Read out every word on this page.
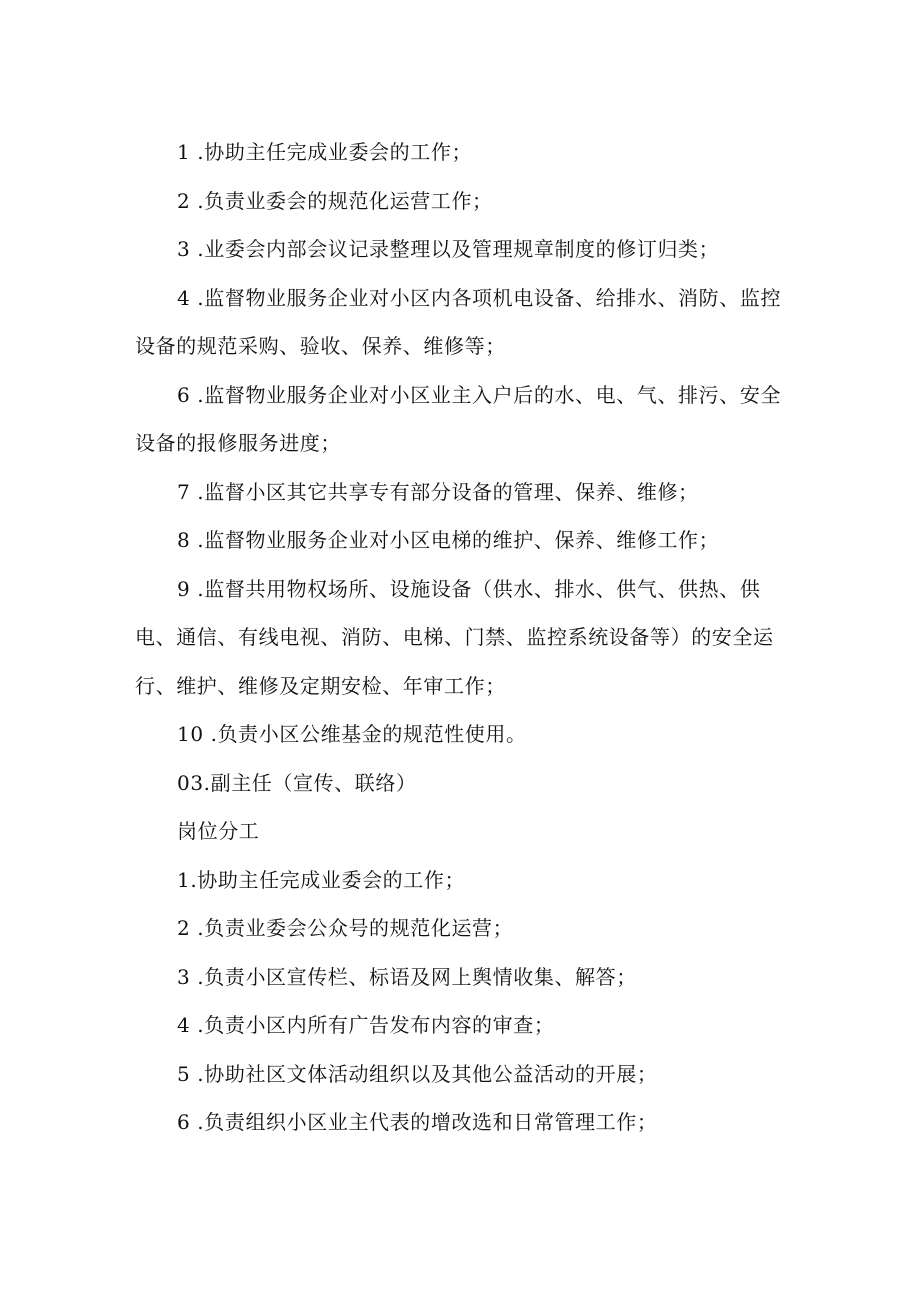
1 .协助主任完成业委会的工作；

2 .负责业委会的规范化运营工作；

3 .业委会内部会议记录整理以及管理规章制度的修订归类；

4 .监督物业服务企业对小区内各项机电设备、给排水、消防、监控设备的规范采购、验收、保养、维修等；

6 .监督物业服务企业对小区业主入户后的水、电、气、排污、安全设备的报修服务进度；

7 .监督小区其它共享专有部分设备的管理、保养、维修；

8 .监督物业服务企业对小区电梯的维护、保养、维修工作；

9 .监督共用物权场所、设施设备（供水、排水、供气、供热、供电、通信、有线电视、消防、电梯、门禁、监控系统设备等）的安全运行、维护、维修及定期安检、年审工作；

10 .负责小区公维基金的规范性使用。

03.副主任（宣传、联络）

岗位分工

1.协助主任完成业委会的工作；

2 .负责业委会公众号的规范化运营；

3 .负责小区宣传栏、标语及网上舆情收集、解答；

4 .负责小区内所有广告发布内容的审查；

5 .协助社区文体活动组织以及其他公益活动的开展；

6 .负责组织小区业主代表的增改选和日常管理工作；
